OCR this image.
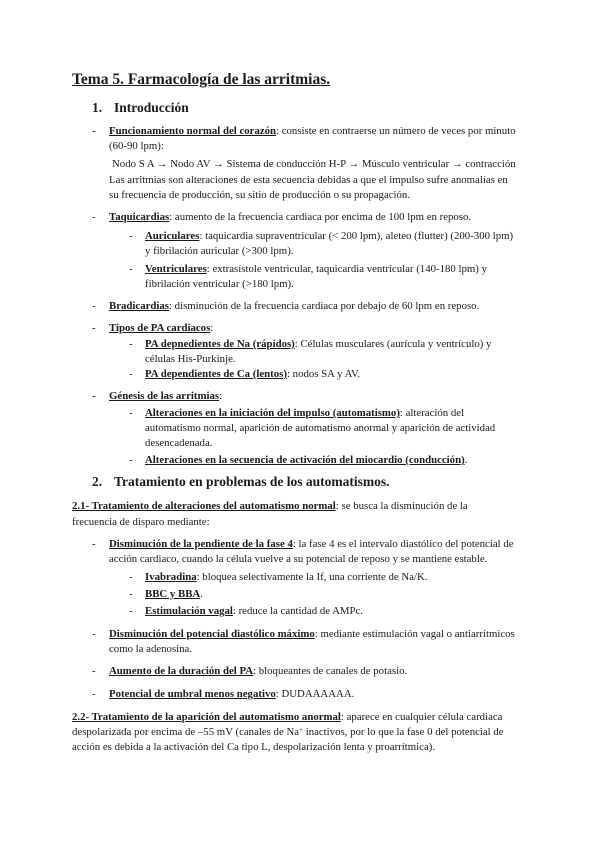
Tema 5. Farmacología de las arritmias.
1. Introducción
- Funcionamiento normal del corazón: consiste en contraerse un número de veces por minuto
(60-90 lpm):
Nodo S A → Nodo AV → Sistema de conducción H-P → Músculo ventricular → contracción
Las arritmias son alteraciones de esta secuencia debidas a que el impulso sufre anomalías en
su frecuencia de producción, su sitio de producción o su propagación.
- Taquicardias: aumento de la frecuencia cardiaca por encima de 100 lpm en reposo.
- Auriculares: taquicardia supraventricular (< 200 lpm), aleteo (flutter) (200-300 lpm)
y fibrilación auricular (>300 lpm).
- Ventriculares: extrasístole ventricular, taquicardia ventricular (140-180 lpm) y
fibrilación ventricular (>180 lpm).
- Bradicardias: disminución de la frecuencia cardiaca por debajo de 60 lpm en reposo.
- Tipos de PA cardiacos:
- PA depnedientes de Na (rápidos): Células musculares (aurícula y ventrículo) y
células His-Purkinje.
- PA dependientes de Ca (lentos): nodos SA y AV.
- Génesis de las arritmias:
- Alteraciones en la iniciación del impulso (automatismo): alteración del
automatismo normal, aparición de automatismo anormal y aparición de actividad
desencadenada.
- Alteraciones en la secuencia de activación del miocardio (conducción).
2. Tratamiento en problemas de los automatismos.
2.1- Tratamiento de alteraciones del automatismo normal: se busca la disminución de la
frecuencia de disparo mediante:
- Disminución de la pendiente de la fase 4: la fase 4 es el intervalo diastólico del potencial de
acción cardiaco, cuando la célula vuelve a su potencial de reposo y se mantiene estable.
- Ivabradina: bloquea selectivamente la If, una corriente de Na/K.
- BBC y BBA.
- Estimulación vagal: reduce la cantidad de AMPc.
- Disminución del potencial diastólico máximo: mediante estimulación vagal o antiarrítmicos
como la adenosina.
- Aumento de la duración del PA: bloqueantes de canales de potasio.
- Potencial de umbral menos negativo: DUDAAAAAA.
2.2- Tratamiento de la aparición del automatismo anormal: aparece en cualquier célula cardiaca
despolarizada por encima de –55 mV (canales de Na+ inactivos, por lo que la fase 0 del potencial de
acción es debida a la activación del Ca tipo L, despolarización lenta y proarrítmica).
